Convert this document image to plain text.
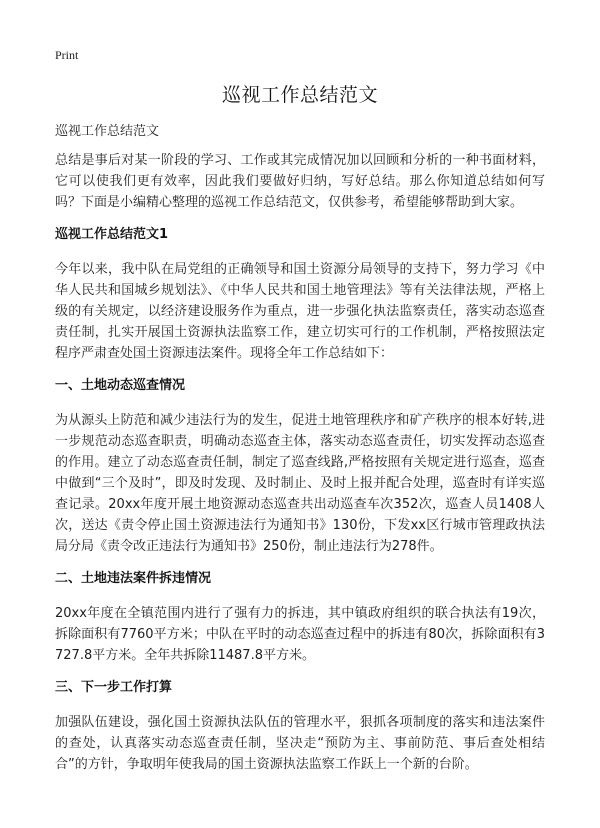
Print
巡视工作总结范文
巡视工作总结范文

总结是事后对某一阶段的学习、工作或其完成情况加以回顾和分析的一种书面材料，它可以使我们更有效率，因此我们要做好归纳，写好总结。那么你知道总结如何写吗？下面是小编精心整理的巡视工作总结范文，仅供参考，希望能够帮助到大家。

巡视工作总结范文1

今年以来，我中队在局党组的正确领导和国土资源分局领导的支持下，努力学习《中华人民共和国城乡规划法》、《中华人民共和国土地管理法》等有关法律法规，严格上级的有关规定，以经济建设服务作为重点，进一步强化执法监察责任，落实动态巡查责任制，扎实开展国土资源执法监察工作，建立切实可行的工作机制，严格按照法定程序严肃查处国土资源违法案件。现将全年工作总结如下：

一、土地动态巡查情况

为从源头上防范和减少违法行为的发生，促进土地管理秩序和矿产秩序的根本好转,进一步规范动态巡查职责，明确动态巡查主体，落实动态巡查责任，切实发挥动态巡查的作用。建立了动态巡查责任制，制定了巡查线路,严格按照有关规定进行巡查，巡查中做到“三个及时”，即及时发现、及时制止、及时上报并配合处理，巡查时有详实巡查记录。20xx年度开展土地资源动态巡查共出动巡查车次352次，巡查人员1408人次，送达《责令停止国土资源违法行为通知书》130份，下发xx区行城市管理政执法局分局《责令改正违法行为通知书》250份，制止违法行为278件。

二、土地违法案件拆违情况

20xx年度在全镇范围内进行了强有力的拆违，其中镇政府组织的联合执法有19次，拆除面积有7760平方米；中队在平时的动态巡查过程中的拆违有80次，拆除面积有3727.8平方米。全年共拆除11487.8平方米。

三、下一步工作打算

加强队伍建设，强化国土资源执法队伍的管理水平，狠抓各项制度的落实和违法案件的查处，认真落实动态巡查责任制，坚决走“预防为主、事前防范、事后查处相结合”的方针，争取明年使我局的国土资源执法监察工作跃上一个新的台阶。
